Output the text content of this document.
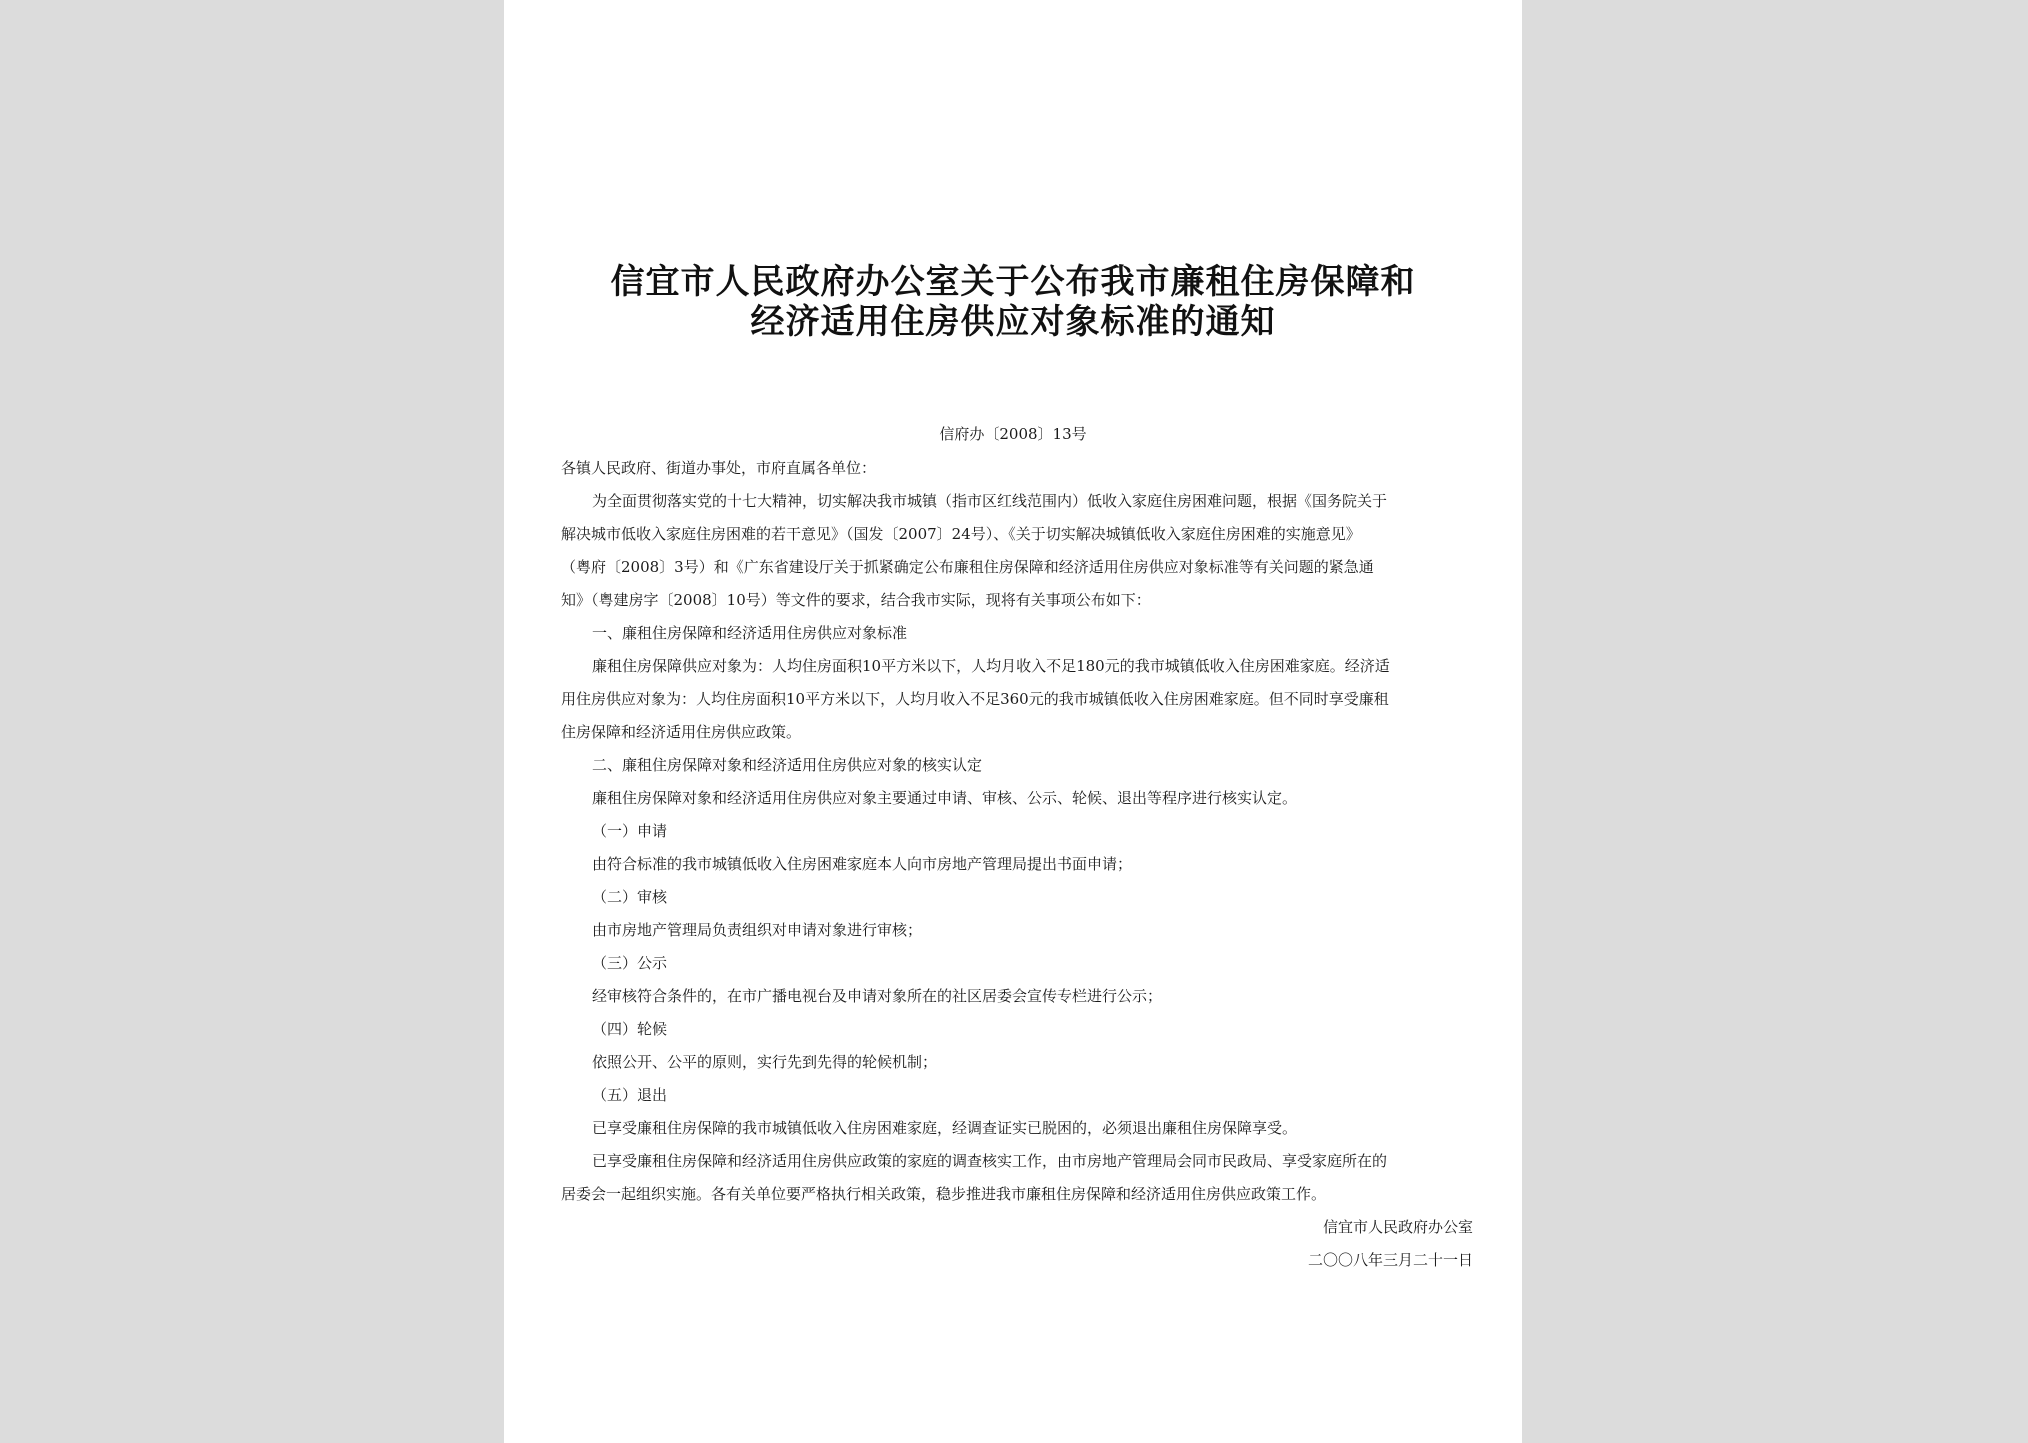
信宜市人民政府办公室关于公布我市廉租住房保障和
经济适用住房供应对象标准的通知
信府办〔2008〕13号
各镇人民政府、街道办事处，市府直属各单位：
为全面贯彻落实党的十七大精神，切实解决我市城镇（指市区红线范围内）低收入家庭住房困难问题，根据《国务院关于
解决城市低收入家庭住房困难的若干意见》（国发〔2007〕24号）、《关于切实解决城镇低收入家庭住房困难的实施意见》
（粤府〔2008〕3号）和《广东省建设厅关于抓紧确定公布廉租住房保障和经济适用住房供应对象标准等有关问题的紧急通
知》（粤建房字〔2008〕10号）等文件的要求，结合我市实际，现将有关事项公布如下：
一、廉租住房保障和经济适用住房供应对象标准
廉租住房保障供应对象为：人均住房面积10平方米以下，人均月收入不足180元的我市城镇低收入住房困难家庭。经济适
用住房供应对象为：人均住房面积10平方米以下，人均月收入不足360元的我市城镇低收入住房困难家庭。但不同时享受廉租
住房保障和经济适用住房供应政策。
二、廉租住房保障对象和经济适用住房供应对象的核实认定
廉租住房保障对象和经济适用住房供应对象主要通过申请、审核、公示、轮候、退出等程序进行核实认定。
（一）申请
由符合标准的我市城镇低收入住房困难家庭本人向市房地产管理局提出书面申请；
（二）审核
由市房地产管理局负责组织对申请对象进行审核；
（三）公示
经审核符合条件的，在市广播电视台及申请对象所在的社区居委会宣传专栏进行公示；
（四）轮候
依照公开、公平的原则，实行先到先得的轮候机制；
（五）退出
已享受廉租住房保障的我市城镇低收入住房困难家庭，经调查证实已脱困的，必须退出廉租住房保障享受。
已享受廉租住房保障和经济适用住房供应政策的家庭的调查核实工作，由市房地产管理局会同市民政局、享受家庭所在的
居委会一起组织实施。各有关单位要严格执行相关政策，稳步推进我市廉租住房保障和经济适用住房供应政策工作。
信宜市人民政府办公室
二〇〇八年三月二十一日
